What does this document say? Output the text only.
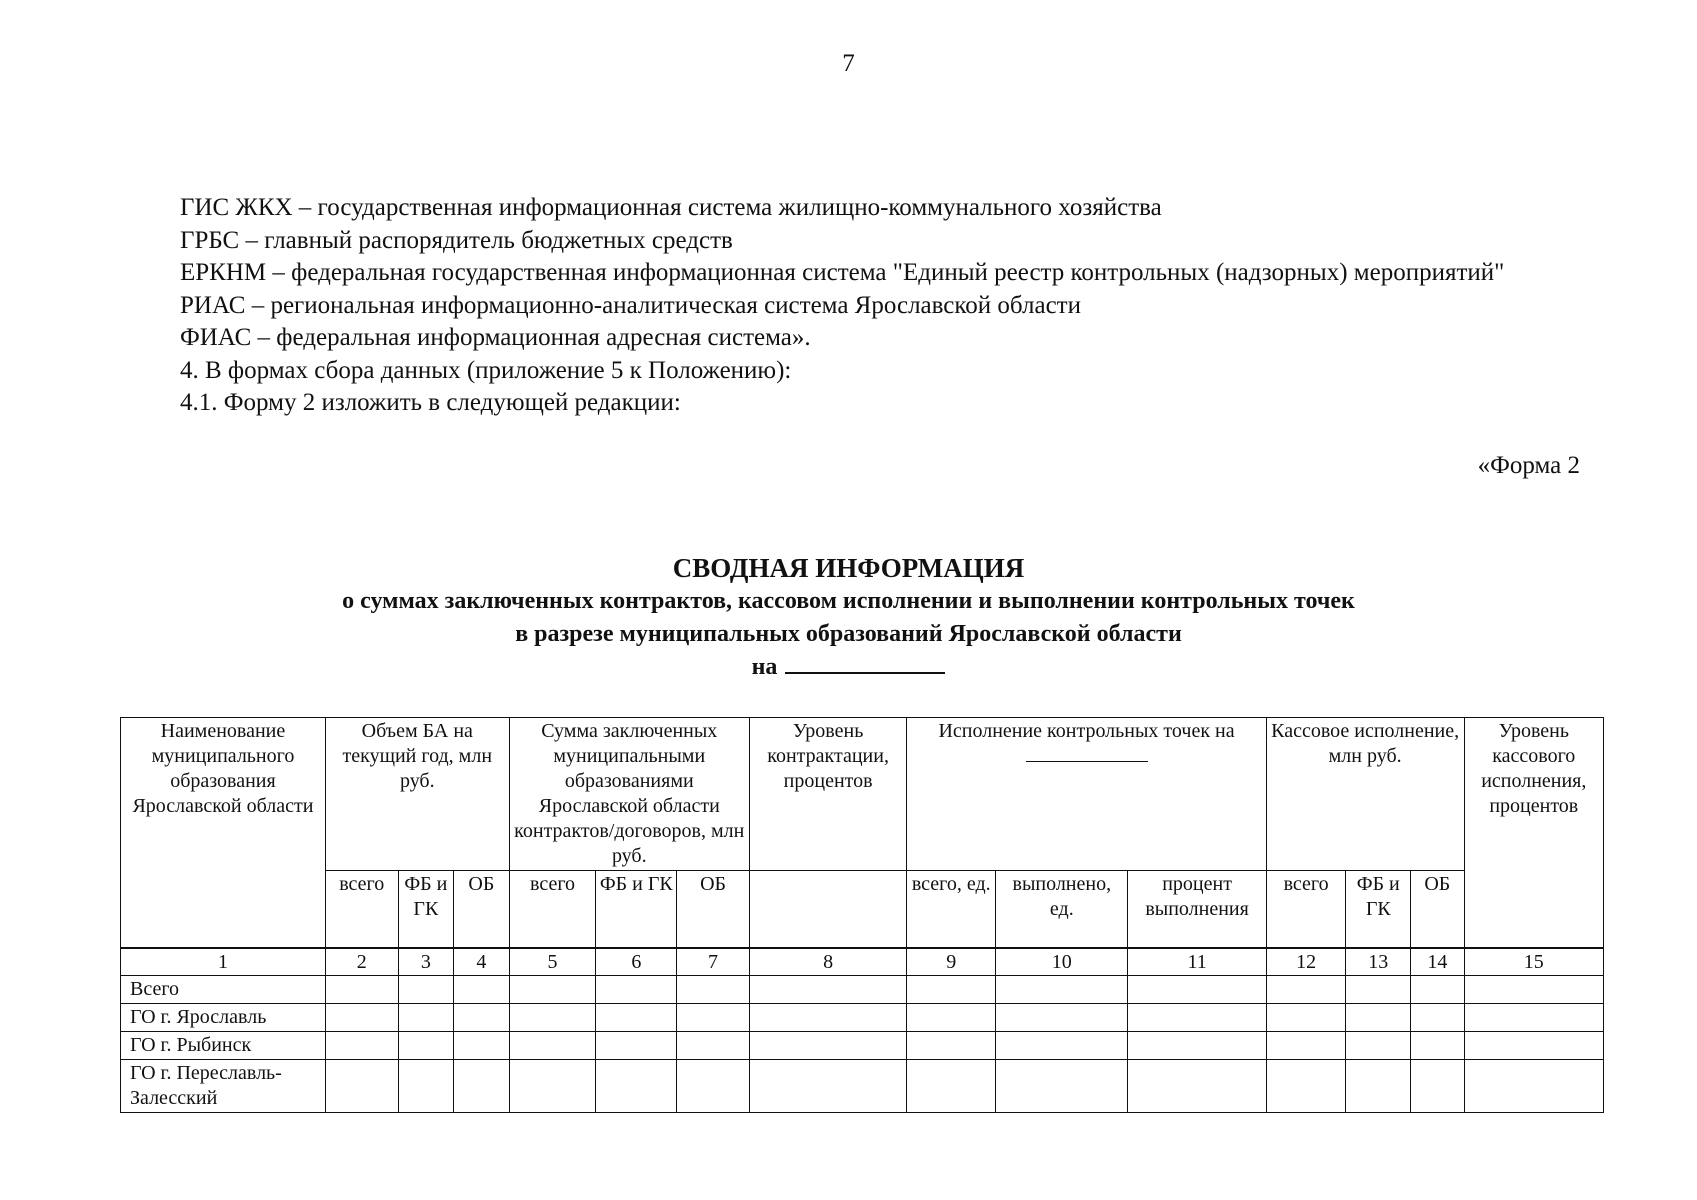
7

ГИС ЖКХ – государственная информационная система жилищно-коммунального хозяйства

ГРБС – главный распорядитель бюджетных средств

ЕРКНМ – федеральная государственная информационная система "Единый реестр контрольных (надзорных) мероприятий"

РИАС – региональная информационно-аналитическая система Ярославской области

ФИАС – федеральная информационная адресная система».

4. В формах сбора данных (приложение 5 к Положению):

4.1. Форму 2 изложить в следующей редакции:

«Форма 2
СВОДНАЯ ИНФОРМАЦИЯ
о суммах заключенных контрактов, кассовом исполнении и выполнении контрольных точек
в разрезе муниципальных образований Ярославской области
на
Наименование муниципального образования Ярославской области	Объем БА на текущий год, млн руб.			Сумма заключенных муниципальными образованиями Ярославской области контрактов/договоров, млн руб.			Уровень контрактации, процентов	Исполнение контрольных точек на			Кассовое исполнение, млн руб.			Уровень кассового исполнения, процентов
	всего	ФБ и ГК	ОБ	всего	ФБ и ГК	ОБ		всего, ед.	выполнено, ед.	процент выполнения	всего	ФБ и ГК	ОБ	

1	2	3	4	5	6	7	8	9	10	11	12	13	14	15
Всего														
ГО г. Ярославль														
ГО г. Рыбинск														
ГО г. Переславль-Залесский														
